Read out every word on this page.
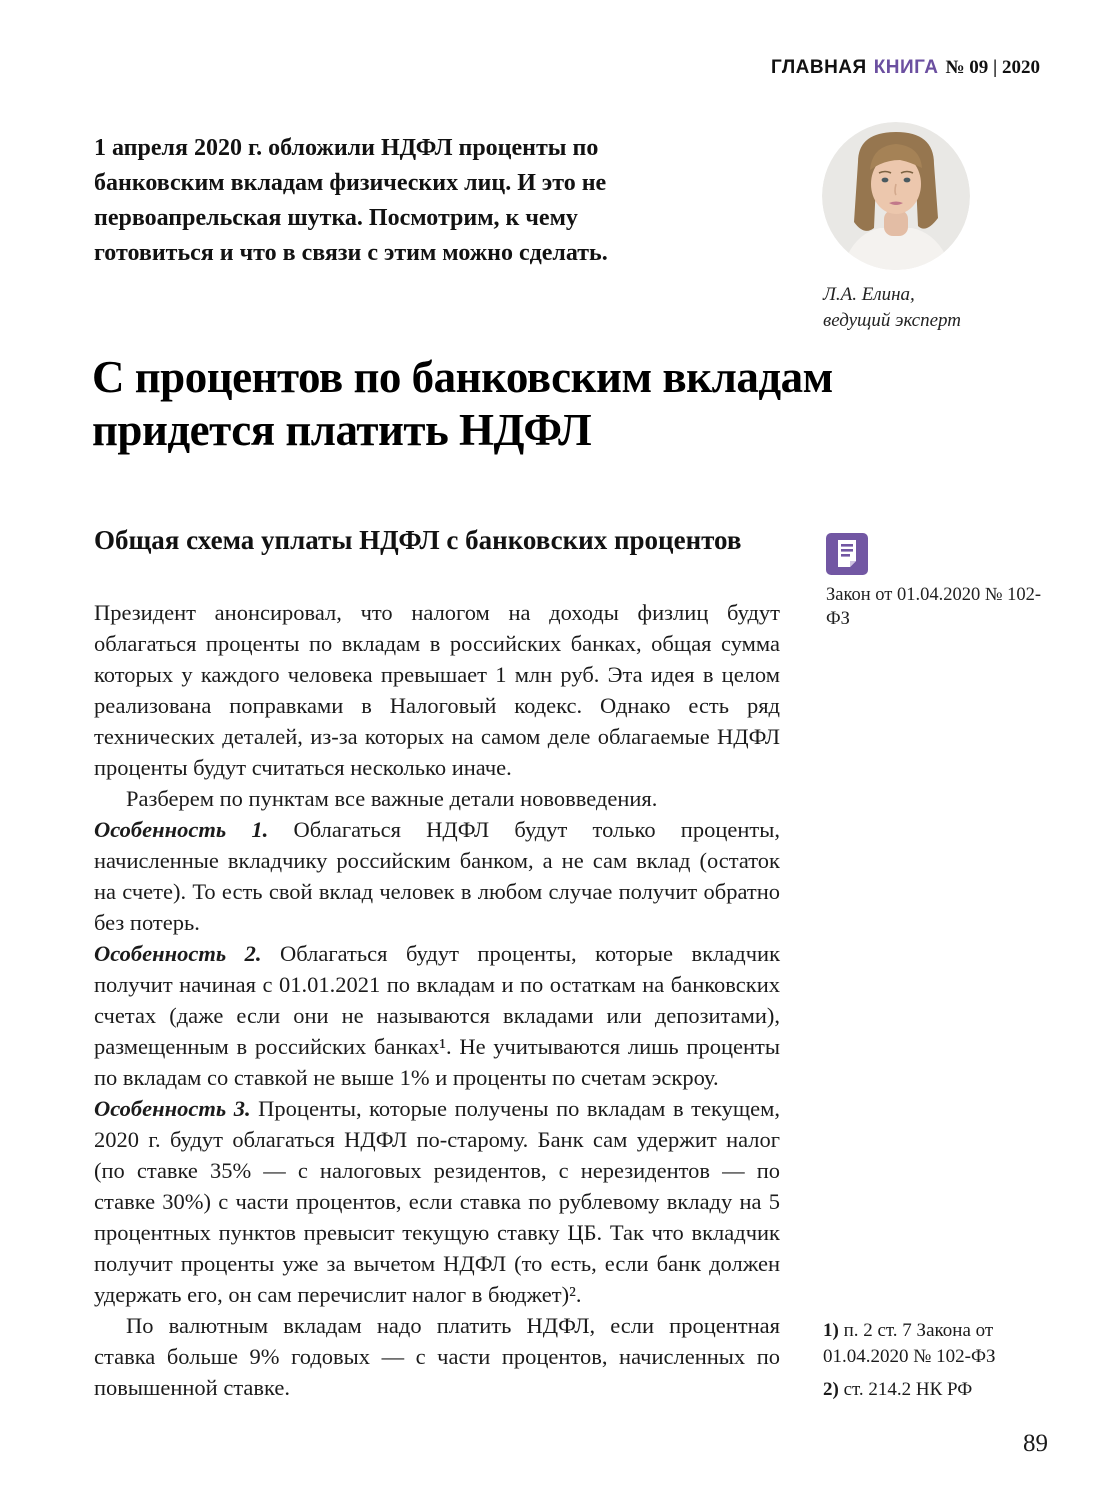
ГЛАВНАЯ КНИГА № 09 | 2020
1 апреля 2020 г. обложили НДФЛ проценты по банковским вкладам физических лиц. И это не первоапрельская шутка. Посмотрим, к чему готовиться и что в связи с этим можно сделать.
Л.А. Елина,
ведущий эксперт
С процентов по банковским вкладам придется платить НДФЛ
Общая схема уплаты НДФЛ с банковских процентов

Президент анонсировал, что налогом на доходы физлиц будут облагаться проценты по вкладам в российских банках, общая сумма которых у каждого человека превышает 1 млн руб. Эта идея в целом реализована поправками в Налоговый кодекс. Однако есть ряд технических деталей, из-за которых на самом деле облагаемые НДФЛ проценты будут считаться несколько иначе.

Разберем по пунктам все важные детали нововведения.

Особенность 1. Облагаться НДФЛ будут только проценты, начисленные вкладчику российским банком, а не сам вклад (остаток на счете). То есть свой вклад человек в любом случае получит обратно без потерь.

Особенность 2. Облагаться будут проценты, которые вкладчик получит начиная с 01.01.2021 по вкладам и по остаткам на банковских счетах (даже если они не называются вкладами или депозитами), размещенным в российских банках¹. Не учитываются лишь проценты по вкладам со ставкой не выше 1% и проценты по счетам эскроу.

Особенность 3. Проценты, которые получены по вкладам в текущем, 2020 г. будут облагаться НДФЛ по-старому. Банк сам удержит налог (по ставке 35% — с налоговых резидентов, с нерезидентов — по ставке 30%) с части процентов, если ставка по рублевому вкладу на 5 процентных пунктов превысит текущую ставку ЦБ. Так что вкладчик получит проценты уже за вычетом НДФЛ (то есть, если банк должен удержать его, он сам перечислит налог в бюджет)².

По валютным вкладам надо платить НДФЛ, если процентная ставка больше 9% годовых — с части процентов, начисленных по повышенной ставке.

Закон от 01.04.2020 № 102-ФЗ
1) п. 2 ст. 7 Закона от 01.04.2020 № 102-ФЗ
2) ст. 214.2 НК РФ
89
